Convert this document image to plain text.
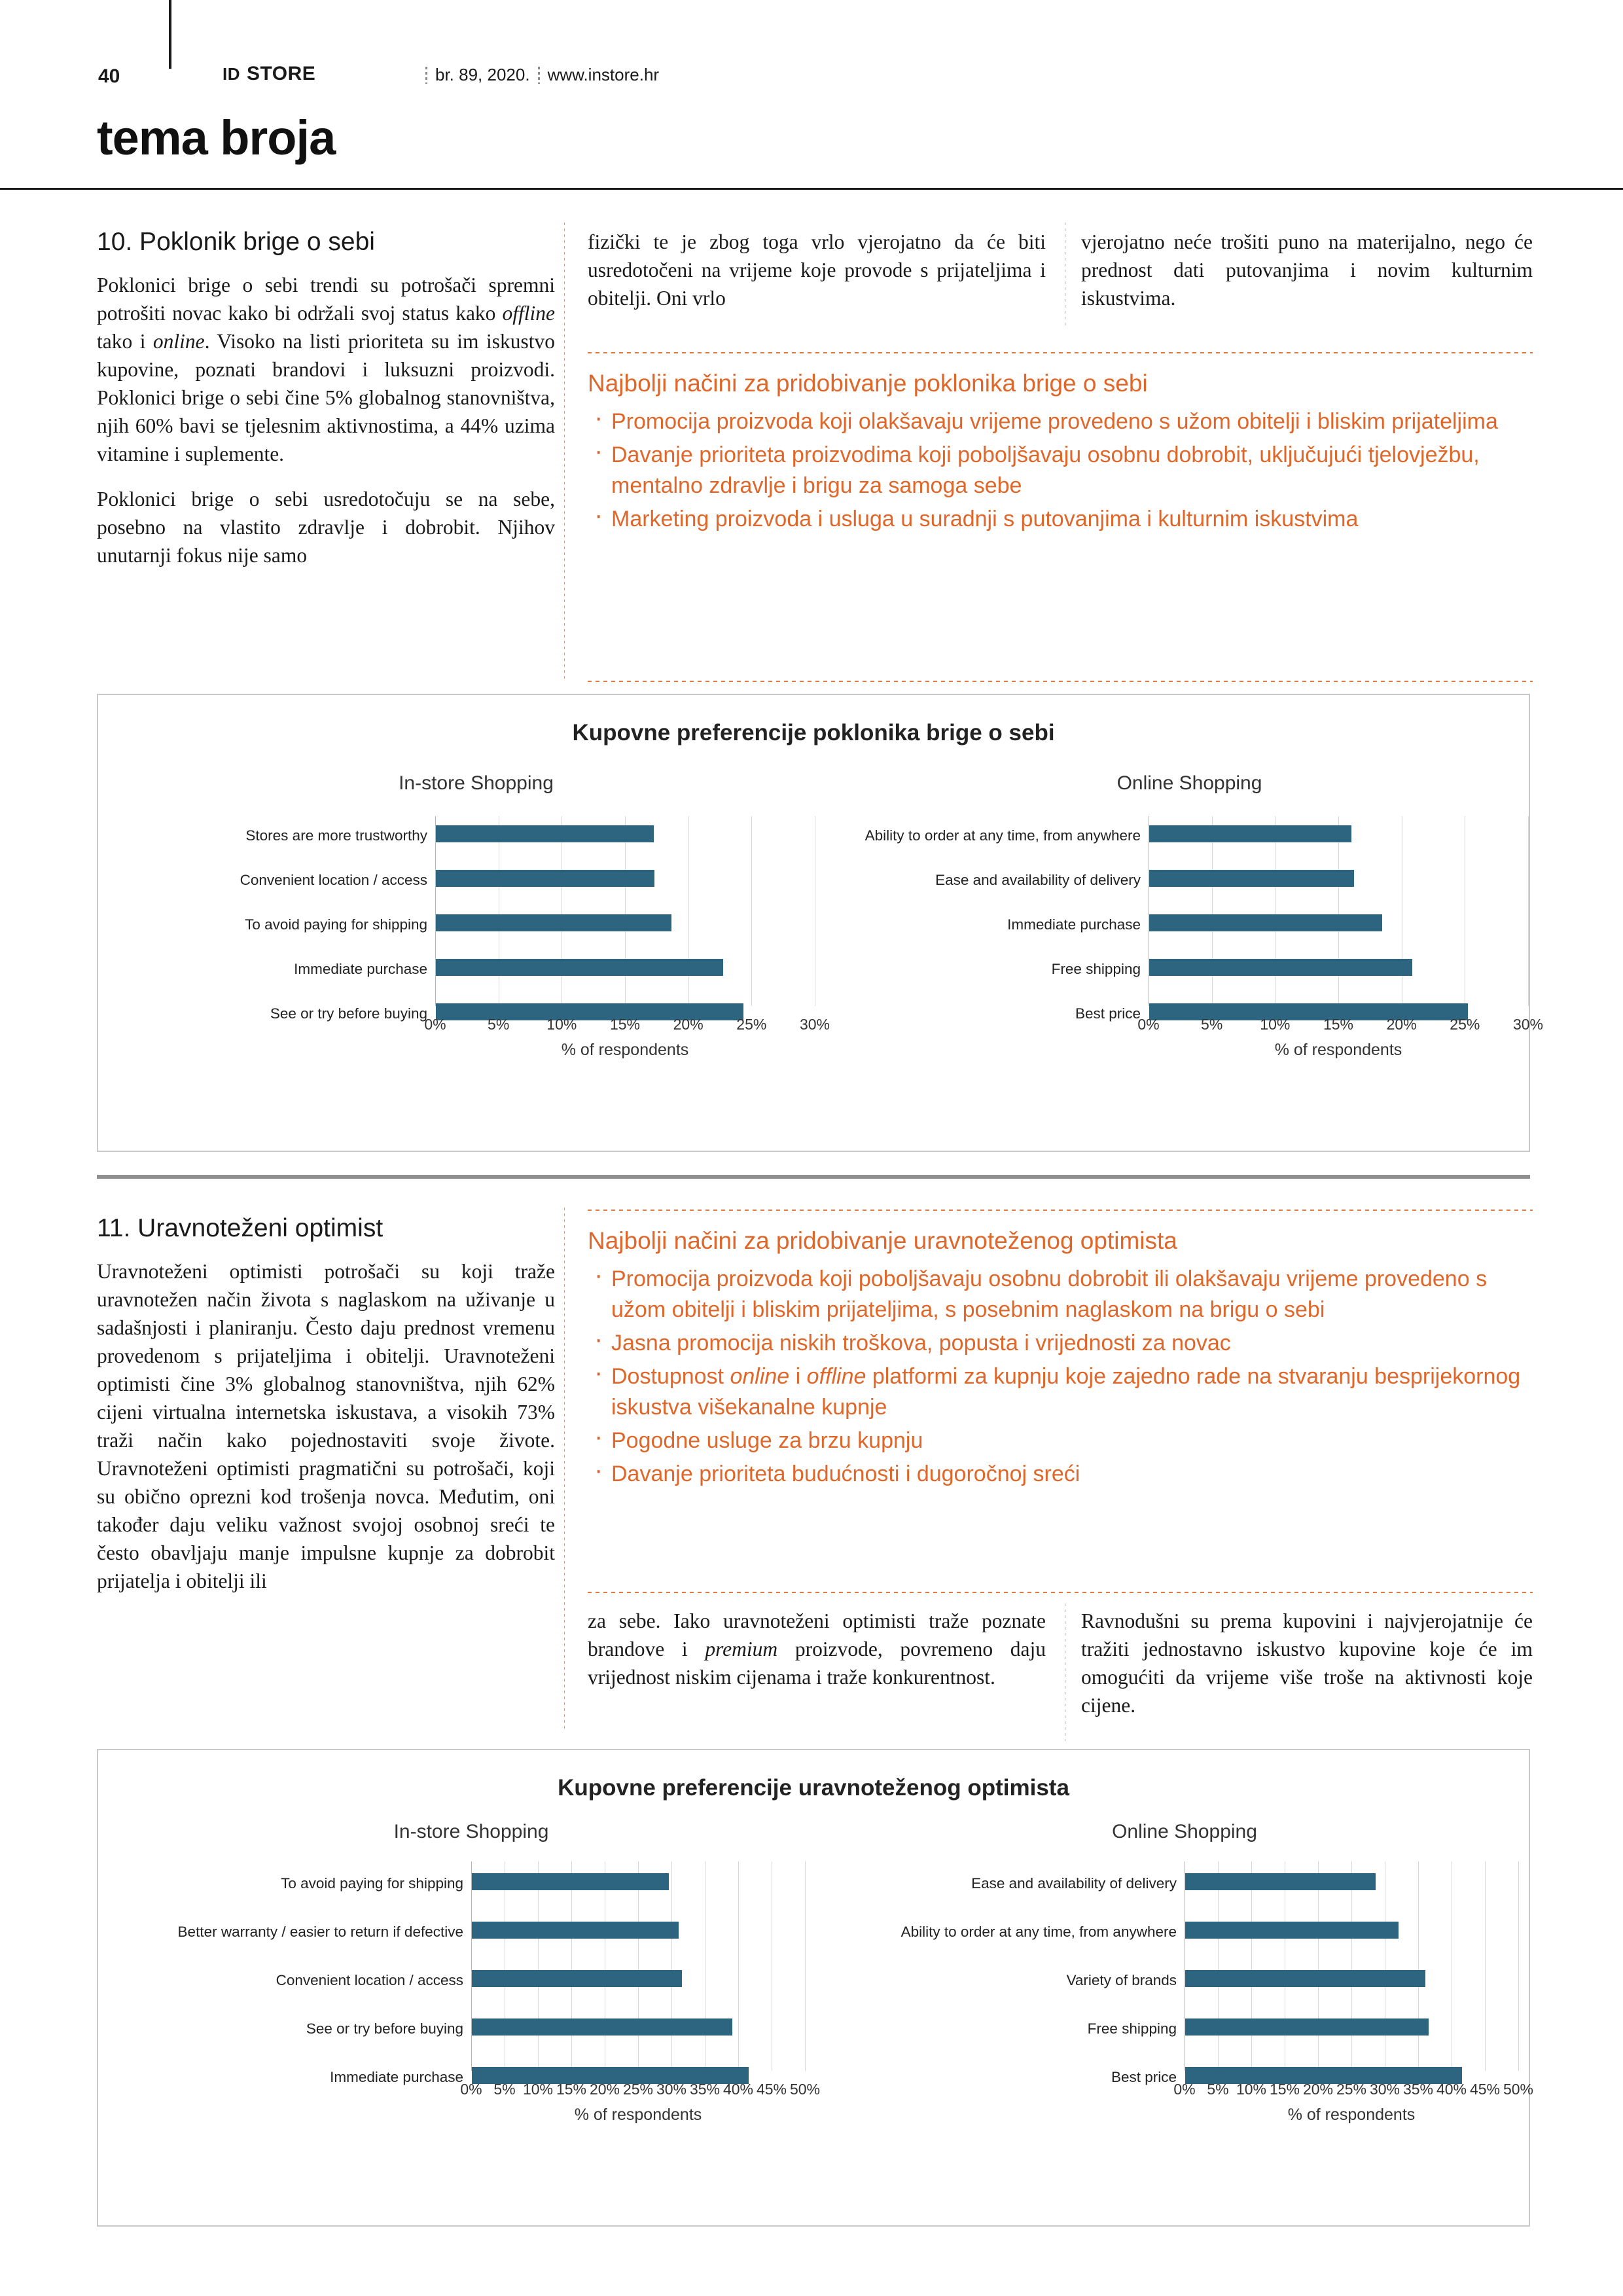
40	ID STORE	br. 89, 2020. www.instore.hr
tema broja
10. Poklonik brige o sebi

Poklonici brige o sebi trendi su potrošači spremni potrošiti novac kako bi održali svoj status kako offline tako i online. Visoko na listi prioriteta su im iskustvo kupovine, poznati brandovi i luksuzni proizvodi. Poklonici brige o sebi čine 5% globalnog stanovništva, njih 60% bavi se tjelesnim aktivnostima, a 44% uzima vitamine i suplemente.

Poklonici brige o sebi usredotočuju se na sebe, posebno na vlastito zdravlje i dobrobit. Njihov unutarnji fokus nije samo

fizički te je zbog toga vrlo vjerojatno da će biti usredotočeni na vrijeme koje provode s prijateljima i obitelji. Oni vrlo

vjerojatno neće trošiti puno na materijalno, nego će prednost dati putovanjima i novim kulturnim iskustvima.

Najbolji načini za pridobivanje poklonika brige o sebi
· Promocija proizvoda koji olakšavaju vrijeme provedeno s užom obitelji i bliskim prijateljima
· Davanje prioriteta proizvodima koji poboljšavaju osobnu dobrobit, uključujući tjelovježbu, mentalno zdravlje i brigu za samoga sebe
· Marketing proizvoda i usluga u suradnji s putovanjima i kulturnim iskustvima
Kupovne preferencije poklonika brige o sebi
In-store Shopping
Stores are more trustworthy
Convenient location / access
To avoid paying for shipping
Immediate purchase
See or try before buying
0%	5%	10%	15%	20%	25%	30%
% of respondents
Online Shopping
Ability to order at any time, from anywhere
Ease and availability of delivery
Immediate purchase
Free shipping
Best price
0%	5%	10%	15%	20%	25%	30%
% of respondents
11. Uravnoteženi optimist

Uravnoteženi optimisti potrošači su koji traže uravnotežen način života s naglaskom na uživanje u sadašnjosti i planiranju. Često daju prednost vremenu provedenom s prijateljima i obitelji. Uravnoteženi optimisti čine 3% globalnog stanovništva, njih 62% cijeni virtualna internetska iskustava, a visokih 73% traži način kako pojednostaviti svoje živote. Uravnoteženi optimisti pragmatični su potrošači, koji su obično oprezni kod trošenja novca. Međutim, oni također daju veliku važnost svojoj osobnoj sreći te često obavljaju manje impulsne kupnje za dobrobit prijatelja i obitelji ili

Najbolji načini za pridobivanje uravnoteženog optimista
· Promocija proizvoda koji poboljšavaju osobnu dobrobit ili olakšavaju vrijeme provedeno s užom obitelji i bliskim prijateljima, s posebnim naglaskom na brigu o sebi
· Jasna promocija niskih troškova, popusta i vrijednosti za novac
· Dostupnost online i offline platformi za kupnju koje zajedno rade na stvaranju besprijekornog iskustva višekanalne kupnje
· Pogodne usluge za brzu kupnju
· Davanje prioriteta budućnosti i dugoročnoj sreći

za sebe. Iako uravnoteženi optimisti traže poznate brandove i premium proizvode, povremeno daju vrijednost niskim cijenama i traže konkurentnost.

Ravnodušni su prema kupovini i najvjerojatnije će tražiti jednostavno iskustvo kupovine koje će im omogućiti da vrijeme više troše na aktivnosti koje cijene.

Kupovne preferencije uravnoteženog optimista
In-store Shopping
To avoid paying for shipping
Better warranty / easier to return if defective
Convenient location / access
See or try before buying
Immediate purchase
0% 5% 10% 15% 20% 25% 30% 35% 40% 45% 50%
% of respondents
Online Shopping
Ease and availability of delivery
Ability to order at any time, from anywhere
Variety of brands
Free shipping
Best price
0% 5% 10% 15% 20% 25% 30% 35% 40% 45% 50%
% of respondents
